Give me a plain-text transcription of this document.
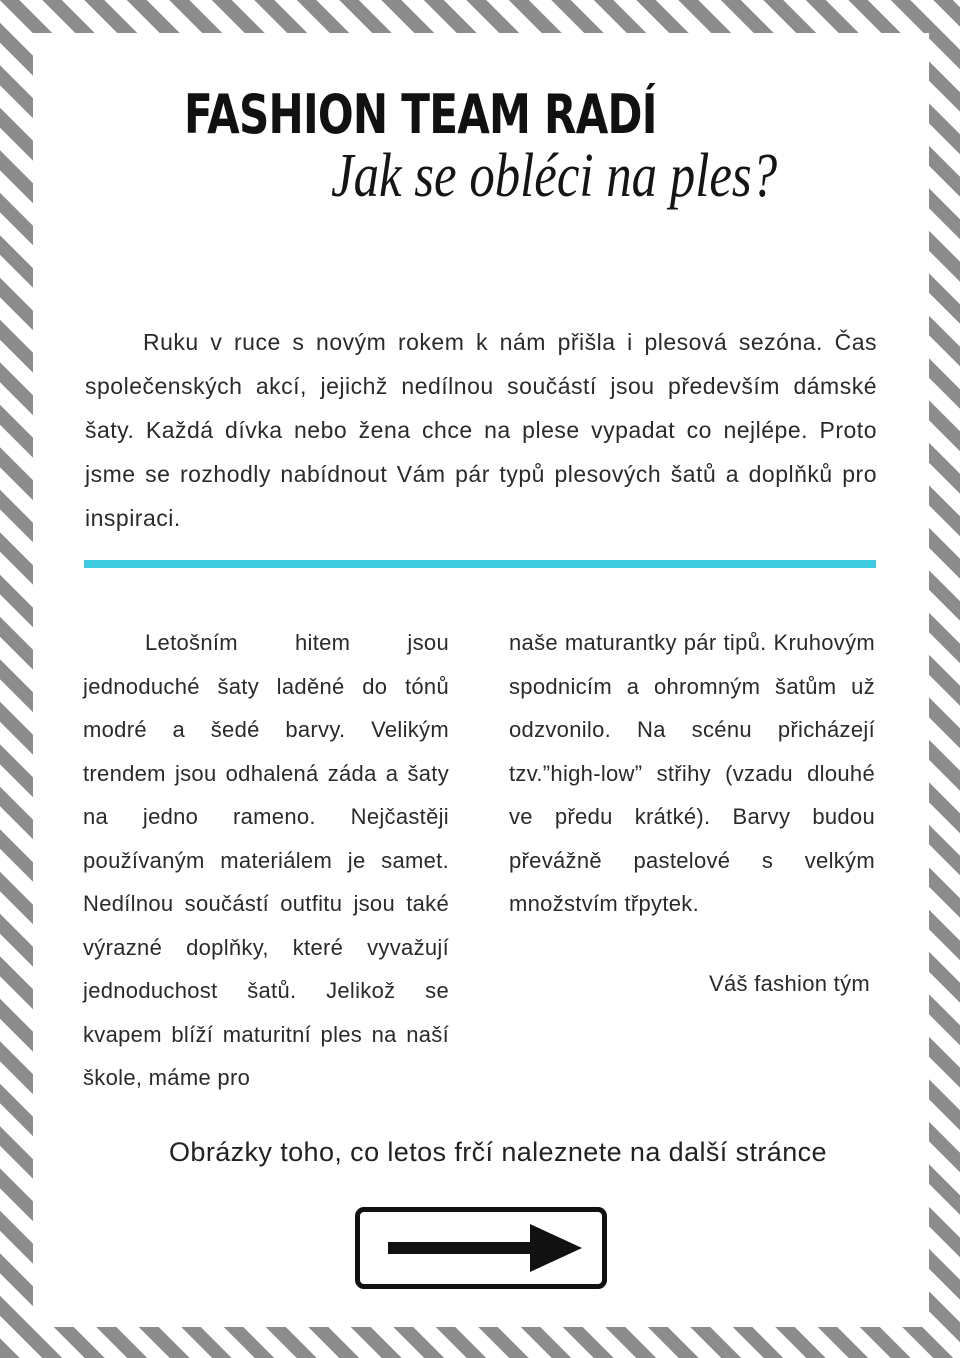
FASHION TEAM RADÍ
Jak se obléci na ples?

Ruku v ruce s novým rokem k nám přišla i plesová sezóna. Čas společenských akcí, jejichž nedílnou součástí jsou především dámské šaty. Každá dívka nebo žena chce na plese vypadat co nejlépe. Proto jsme se rozhodly nabídnout Vám pár typů plesových šatů a doplňků pro inspiraci.

Letošním hitem jsou jednoduché šaty laděné do tónů modré a šedé barvy. Velikým trendem jsou odhalená záda a šaty na jedno rameno. Nejčastěji používaným materiálem je samet. Nedílnou součástí outfitu jsou také výrazné doplňky, které vyvažují jednoduchost šatů. Jelikož se kvapem blíží maturitní ples na naší škole, máme pro

naše maturantky pár tipů. Kruhovým spodnicím a ohromným šatům už odzvonilo. Na scénu přicházejí tzv.”high-low” střihy (vzadu dlouhé ve předu krátké). Barvy budou převážně pastelové s velkým množstvím třpytek.

Váš fashion tým

Obrázky toho, co letos frčí naleznete na další stránce
